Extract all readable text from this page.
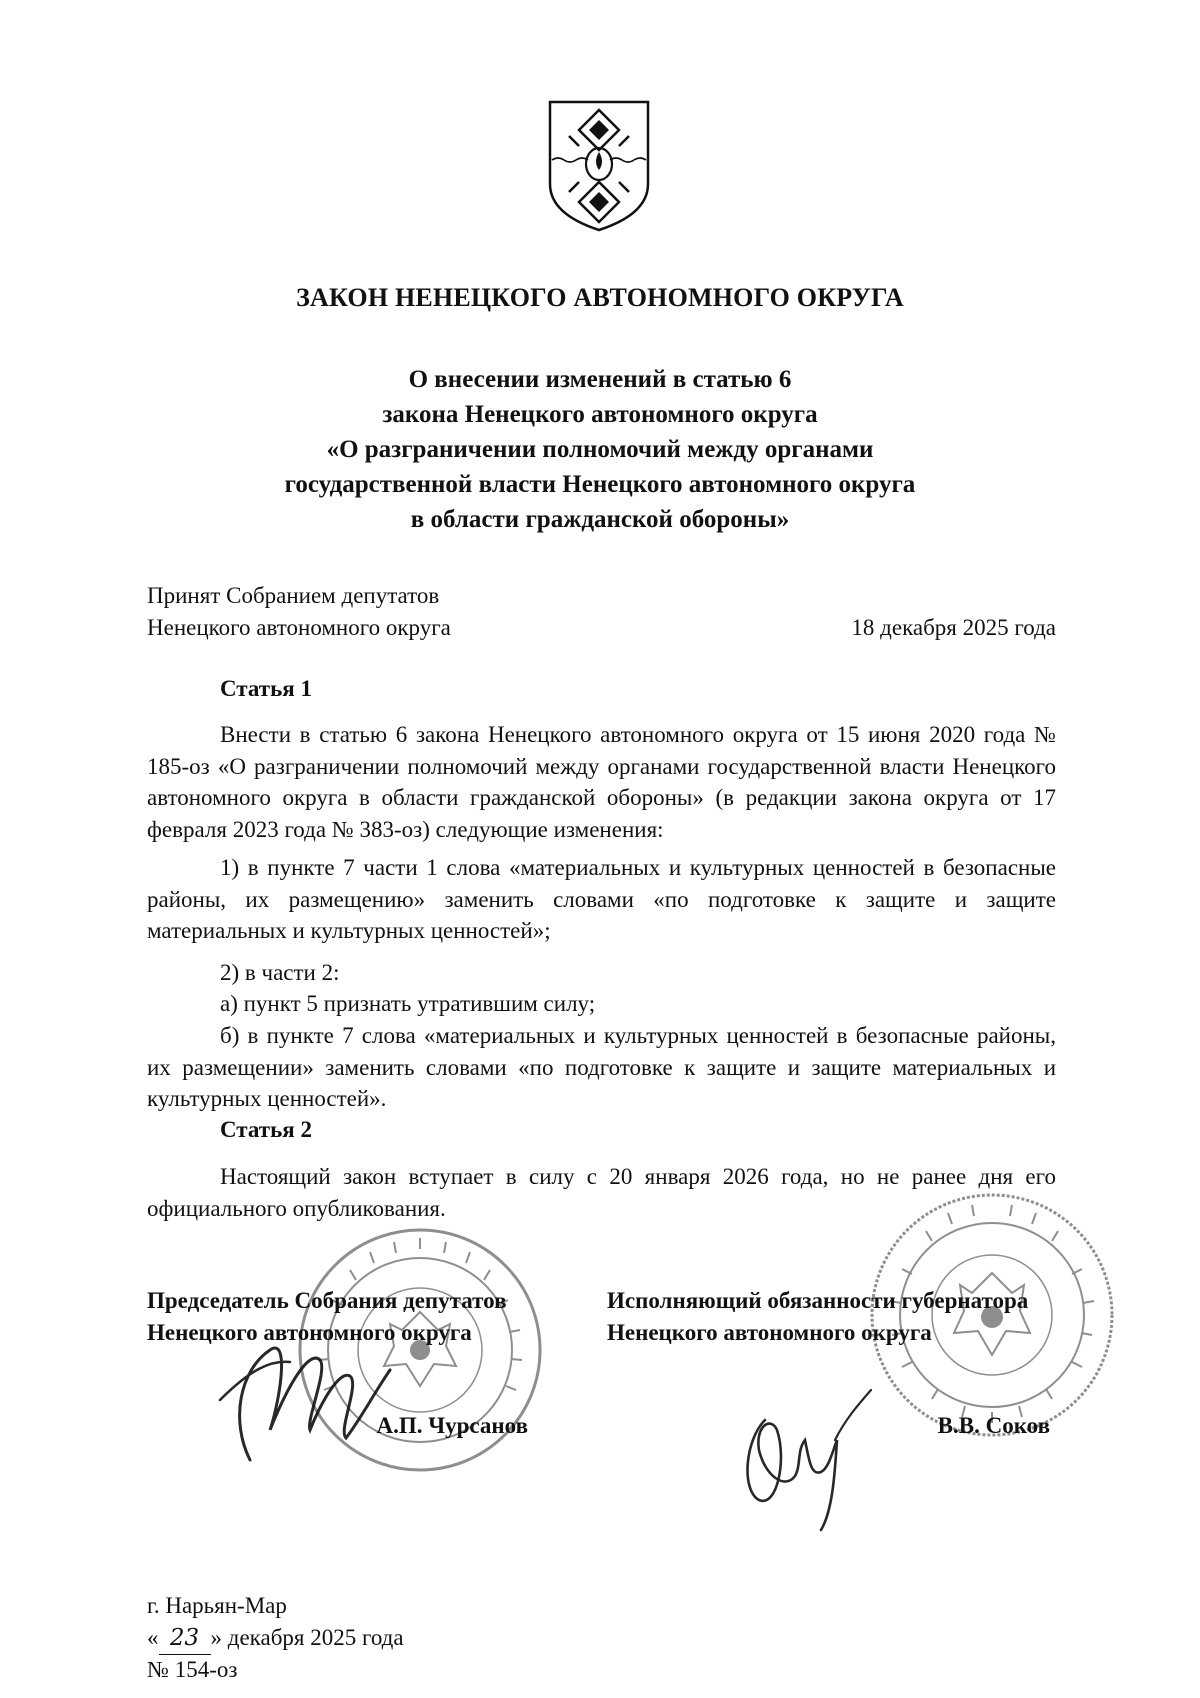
ЗАКОН НЕНЕЦКОГО АВТОНОМНОГО ОКРУГА
О внесении изменений в статью 6
закона Ненецкого автономного округа
«О разграничении полномочий между органами
государственной власти Ненецкого автономного округа
в области гражданской обороны»
Принят Собранием депутатов
Ненецкого автономного округа	18 декабря 2025 года
Статья 1
Внести в статью 6 закона Ненецкого автономного округа от 15 июня 2020 года № 185-оз «О разграничении полномочий между органами государственной власти Ненецкого автономного округа в области гражданской обороны» (в редакции закона округа от 17 февраля 2023 года № 383-оз) следующие изменения:
1) в пункте 7 части 1 слова «материальных и культурных ценностей в безопасные районы, их размещению» заменить словами «по подготовке к защите и защите материальных и культурных ценностей»;
2) в части 2:
а) пункт 5 признать утратившим силу;
б) в пункте 7 слова «материальных и культурных ценностей в безопасные районы, их размещении» заменить словами «по подготовке к защите и защите материальных и культурных ценностей».
Статья 2
Настоящий закон вступает в силу с 20 января 2026 года, но не ранее дня его официального опубликования.
Председатель Собрания депутатов
Ненецкого автономного округа
Исполняющий обязанности губернатора
Ненецкого автономного округа
А.П. Чурсанов	В.В. Соков
г. Нарьян-Мар
« 23 » декабря 2025 года
№ 154-оз
